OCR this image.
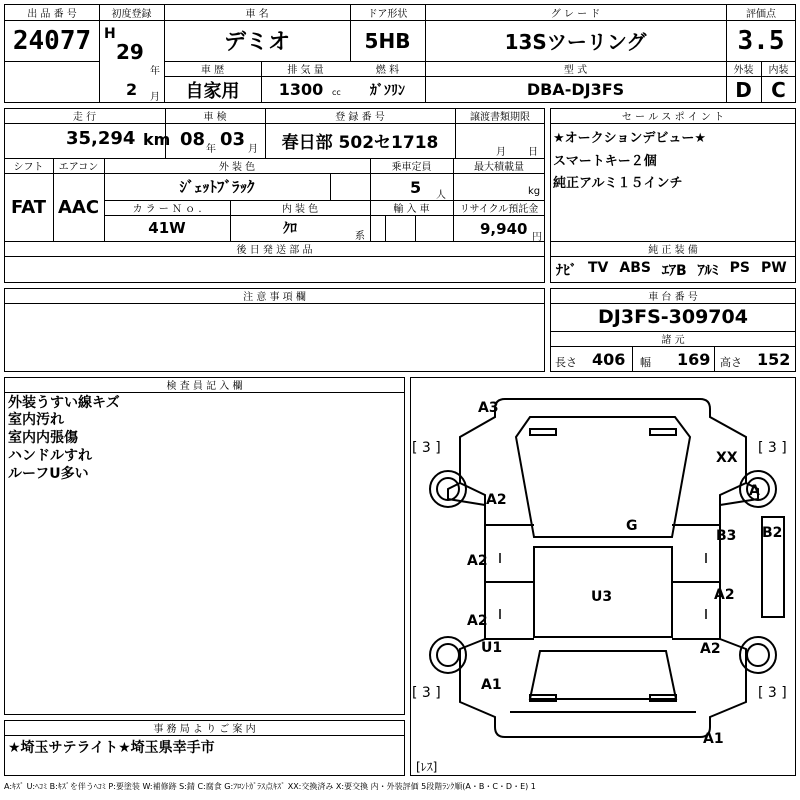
出 品 番 号
24077
初度登録
H
29
年
2 月
車 名
デミオ
ドア形状
5HB
グ レ ー ド
13Sツーリング
評価点
3.5
車 歴
自家用
排 気 量
1300	cc
燃 料
ｶﾞｿﾘﾝ
型 式
DBA-DJ3FS
外装
D
内装
C
走 行
35,294 km
車 検
08 年 03 月
登 録 番 号
春日部 502セ1718
譲渡書類期限
月 日
シフト
FAT
エアコン
AAC
外 装 色
ｼﾞｪｯﾄﾌﾞﾗｯｸ
乗車定員
5 人
最大積載量
kg
カ ラ ー Ｎ ｏ .
41W
内 装 色
ｸﾛ	系
輸 入 車	リサイクル預託金
9,940 円
後 日 発 送 部 品
セ ー ル ス ポ イ ン ト
★オークションデビュー★
スマートキー２個
純正アルミ１５インチ
純 正 装 備
ﾅﾋﾞ TV ABS ｴｱB ｱﾙﾐ PS PW
注 意 事 項 欄	車 台 番 号
DJ3FS-309704
諸 元
長さ 406 幅 169 高さ 152
検 査 員 記 入 欄
外装うすい線キズ
室内汚れ
室内内張傷
ハンドルすれ
ルーフU多い
事 務 局 よ り ご 案 内
★埼玉サテライト★埼玉県幸手市
A3
XX
A
A2
G
B3 B2
A2
U3	A2
A2
U1	A2
A1
A1
[ 3 ]	[ 3 ]
[ 3 ]	[ 3 ]
[ﾚｽ]
A:ｷｽﾞ U:ﾍｺﾐ B:ｷｽﾞを伴うﾍｺﾐ P:要塗装 W:補修跡 S:錆 C:腐食 G:ﾌﾛﾝﾄｶﾞﾗｽ点ｷｽﾞ XX:交換済み X:要交換 内・外装評価 5段階ﾗﾝｸ順(A・B・C・D・E) 1
